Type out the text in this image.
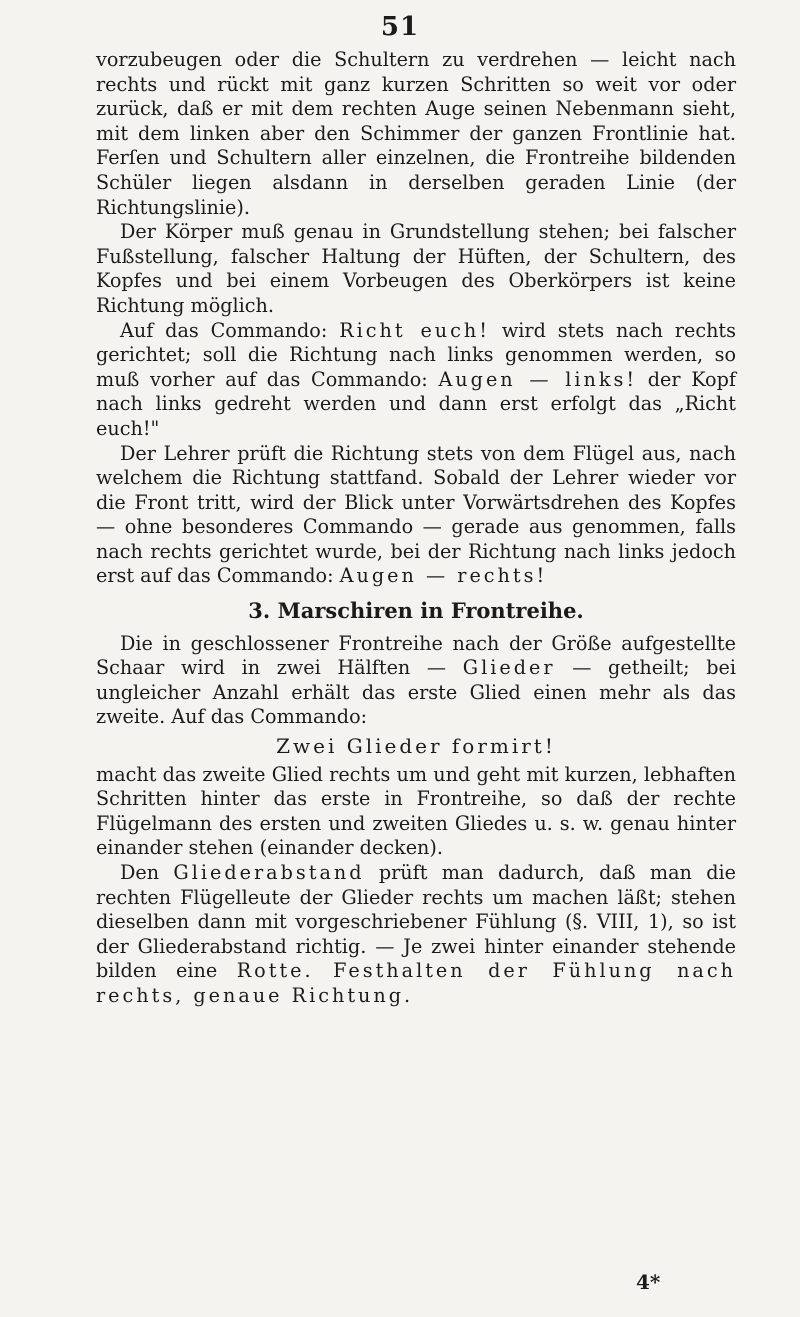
51

vorzubeugen oder die Schultern zu verdrehen — leicht nach rechts und rückt mit ganz kurzen Schritten so weit vor oder zurück, daß er mit dem rechten Auge seinen Nebenmann sieht, mit dem linken aber den Schimmer der ganzen Frontlinie hat. Ferſen und Schultern aller einzelnen, die Frontreihe bildenden Schüler liegen alsdann in derselben geraden Linie (der Richtungslinie).

Der Körper muß genau in Grundstellung stehen; bei falscher Fußstellung, falscher Haltung der Hüften, der Schultern, des Kopfes und bei einem Vorbeugen des Oberkörpers ist keine Richtung möglich.

Auf das Commando: Richt euch! wird stets nach rechts gerichtet; soll die Richtung nach links genommen werden, so muß vorher auf das Commando: Augen — links! der Kopf nach links gedreht werden und dann erst erfolgt das „Richt euch!"

Der Lehrer prüft die Richtung stets von dem Flügel aus, nach welchem die Richtung stattfand. Sobald der Lehrer wieder vor die Front tritt, wird der Blick unter Vorwärtsdrehen des Kopfes — ohne besonderes Commando — gerade aus genommen, falls nach rechts gerichtet wurde, bei der Richtung nach links jedoch erst auf das Commando: Augen — rechts!

3. Marschiren in Frontreihe.

Die in geschlossener Frontreihe nach der Größe aufgestellte Schaar wird in zwei Hälften — Glieder — getheilt; bei ungleicher Anzahl erhält das erste Glied einen mehr als das zweite. Auf das Commando:

Zwei Glieder formirt!

macht das zweite Glied rechts um und geht mit kurzen, lebhaften Schritten hinter das erste in Frontreihe, so daß der rechte Flügelmann des ersten und zweiten Gliedes u. s. w. genau hinter einander stehen (einander decken).

Den Gliederabstand prüft man dadurch, daß man die rechten Flügelleute der Glieder rechts um machen läßt; stehen dieselben dann mit vorgeschriebener Fühlung (§. VIII, 1), so ist der Gliederabstand richtig. — Je zwei hinter einander stehende bilden eine Rotte. Festhalten der Fühlung nach rechts, genaue Richtung.

4*
